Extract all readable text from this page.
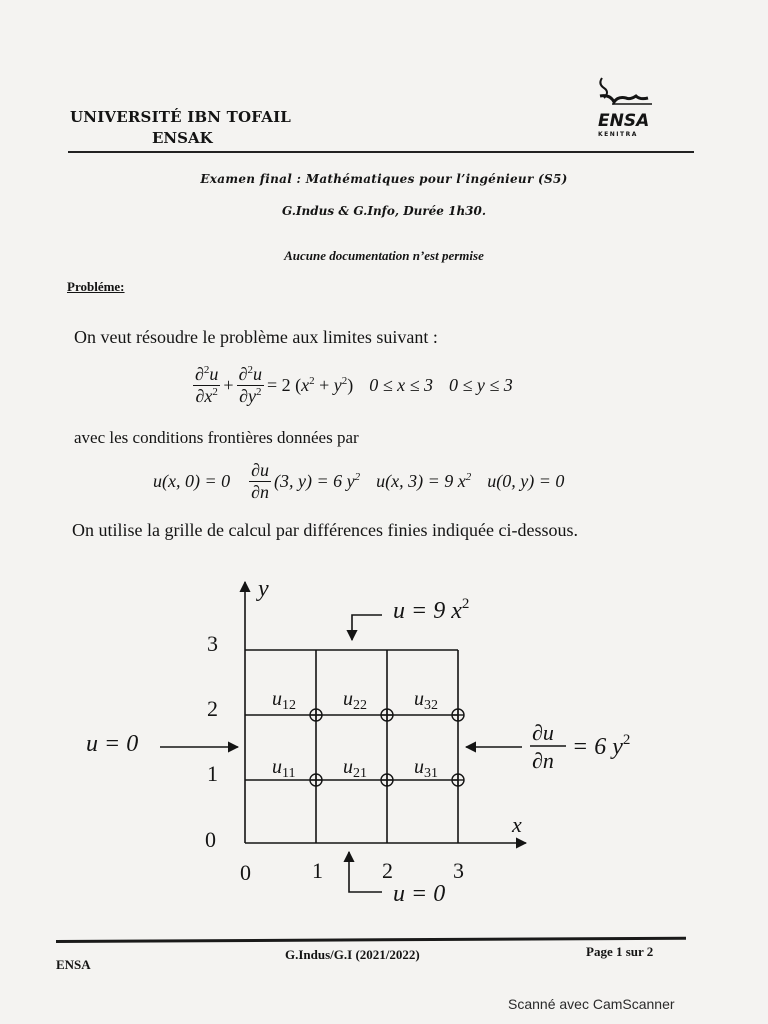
UNIVERSITÉ IBN TOFAIL
ENSAK
ENSA
KENITRA
Examen final : Mathématiques pour l’ingénieur (S5)
G.Indus & G.Info, Durée 1h30.
Aucune documentation n’est permise
Probléme:
On veut résoudre le problème aux limites suivant :
$\frac{\partial^2u}{\partial x^2} + \frac{\partial^2u}{\partial y^2} = 2$ $(x^2 + y^2) 0 \le x \le 3$ 0 ≤ y ≤ 3
avec les conditions frontières données par
u(x, $0) = 0 \frac{\partial u}{\partial n} (3$, y) = 6 $y^2$ u(x, 3) = 9 $x^2$ u(0, y) = 0
On utilise la grille de calcul par différences finies indiquée ci-dessous.
y
x
0
1
2
3
0	1	2	3
$u_{11}$ $u_{21}$ $u_{31}$
$u_{12}$ $u_{22}$ $u_{32}$
u = 9 $x^2$
u = 0
u = 0
∂u
∂n
= 6 $y^2$
ENSA
G.Indus/G.I (2021/2022)	Page 1 sur 2
Scanné avec CamScanner
